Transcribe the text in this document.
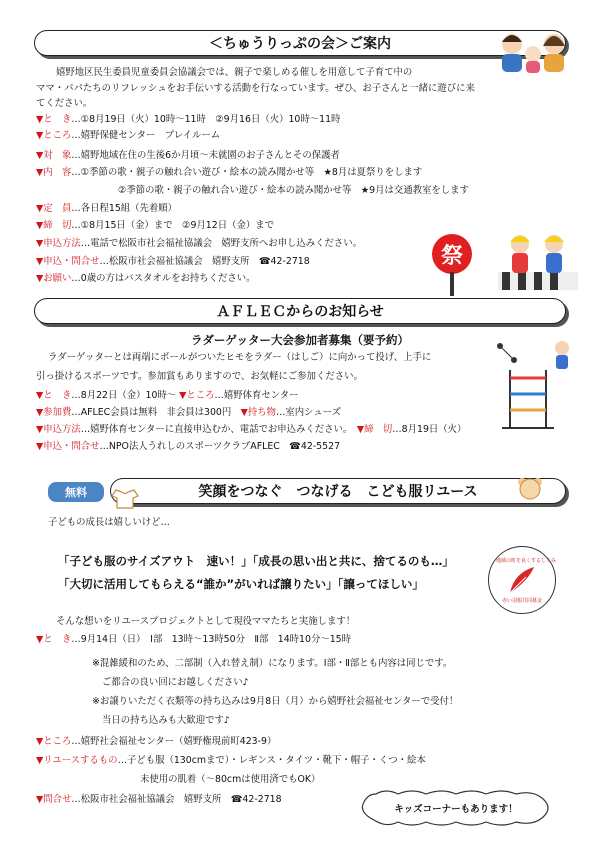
＜ちゅうりっぷの会＞ご案内
嬉野地区民生委員児童委員会協議会では、親子で楽しめる催しを用意して子育て中の
ママ・パパたちのリフレッシュをお手伝いする活動を行なっています。ぜひ、お子さんと一緒に遊びに来
てください。
▼と　き…①8月19日（火）10時～11時　②9月16日（火）10時～11時
▼ところ…嬉野保健センター　プレイルーム
▼対　象…嬉野地域在住の生後6か月頃～未就園のお子さんとその保護者
▼内　容…①季節の歌・親子の触れ合い遊び・絵本の読み聞かせ等　★8月は夏祭りをします
②季節の歌・親子の触れ合い遊び・絵本の読み聞かせ等　★9月は交通教室をします
▼定　員…各日程15組（先着順）
▼締　切…①8月15日（金）まで　②9月12日（金）まで
▼申込方法…電話で松阪市社会福祉協議会　嬉野支所へお申し込みください。
▼申込・問合せ…松阪市社会福祉協議会　嬉野支所　☎42-2718
▼お願い…0歳の方はバスタオルをお持ちください。
祭
ＡＦＬＥＣからのお知らせ
ラダーゲッター大会参加者募集（要予約）
ラダーゲッターとは両端にボールがついたヒモをラダー（はしご）に向かって投げ、上手に
引っ掛けるスポーツです。参加賞もありますので、お気軽にご参加ください。
▼と　き…8月22日（金）10時～ ▼ところ…嬉野体育センター
▼参加費…AFLEC会員は無料　非会員は300円　▼持ち物…室内シューズ
▼申込方法…嬉野体育センターに直接申込むか、電話でお申込みください。　▼締　切…8月19日（火）
▼申込・問合せ…NPO法人うれしのスポーツクラブAFLEC　☎42-5527
笑顔をつなぐ　つなげる　こども服リユース
無料
子どもの成長は嬉しいけど…
「子ども服のサイズアウト　速い！」「成長の思い出と共に、捨てるのも…」
「大切に活用してもらえる“誰か”がいれば譲りたい」「譲ってほしい」
地域の町を良くするしくみ
赤い羽根共同募金
そんな想いをリユースプロジェクトとして現役ママたちと実施します！
▼と　き…9月14日（日）　Ⅰ部　13時～13時50分　Ⅱ部　14時10分～15時
※混雑緩和のため、二部制（入れ替え制）になります。Ⅰ部・Ⅱ部とも内容は同じです。
ご都合の良い回にお越しください♪
※お譲りいただく衣類等の持ち込みは9月8日（月）から嬉野社会福祉センターで受付！
当日の持ち込みも大歓迎です♪
▼ところ…嬉野社会福祉センター（嬉野権現前町423-9）
▼リユースするもの…子ども服（130cmまで）・レギンス・タイツ・靴下・帽子・くつ・絵本
未使用の肌着（～80cmは使用済でもOK）
▼問合せ…松阪市社会福祉協議会　嬉野支所　☎42-2718
キッズコーナーもあります！
